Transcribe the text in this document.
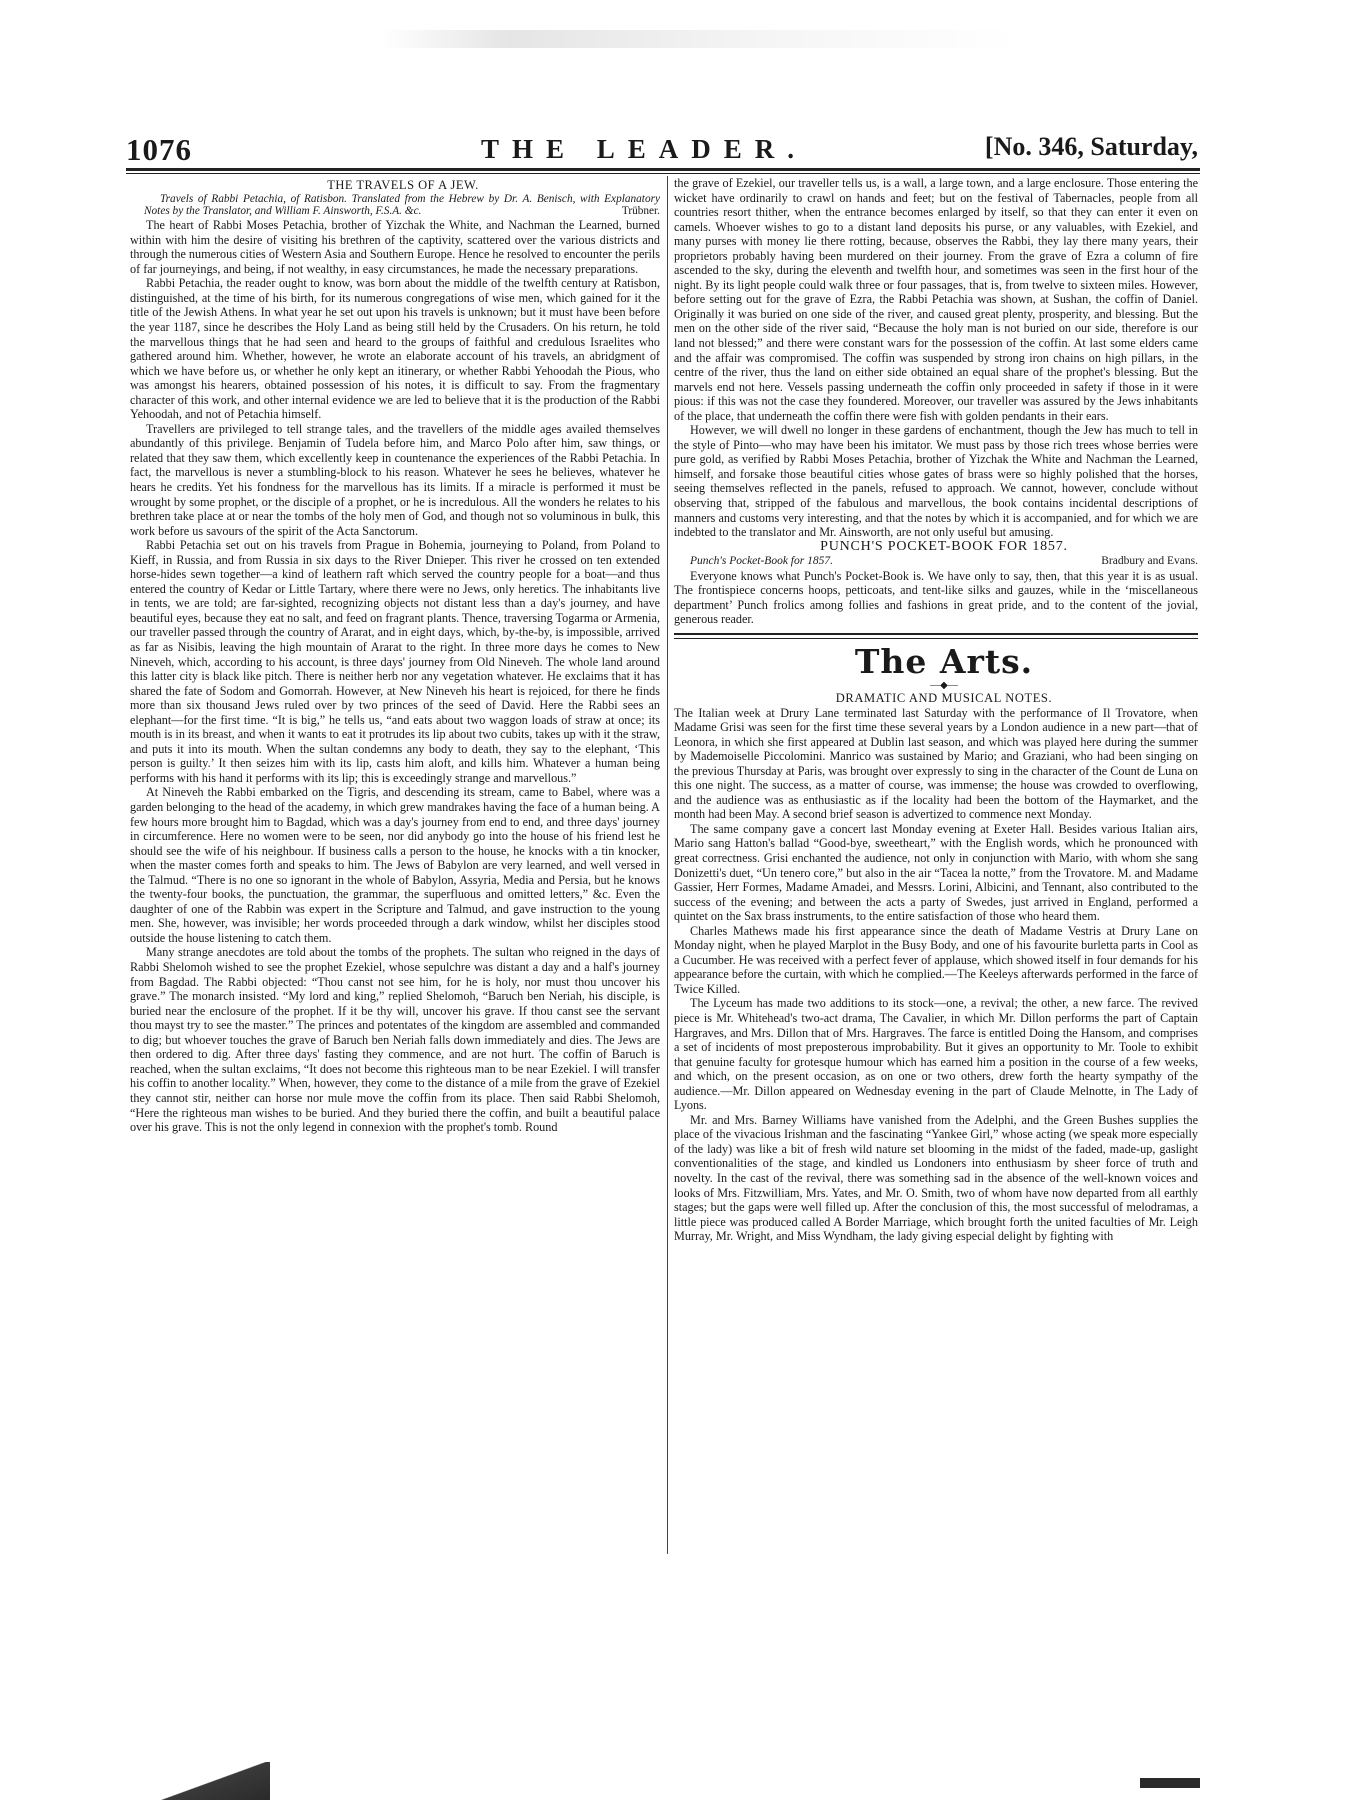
1076	THE LEADER.	[No. 346, Saturday,

THE TRAVELS OF A JEW.

Travels of Rabbi Petachia, of Ratisbon. Translated from the Hebrew by Dr. A. Benisch, with Explanatory Notes by the Translator, and William F. Ainsworth, F.S.A. &c.	Trübner.

The heart of Rabbi Moses Petachia, brother of Yizchak the White, and Nachman the Learned, burned within with him the desire of visiting his brethren of the captivity, scattered over the various districts and through the numerous cities of Western Asia and Southern Europe. Hence he resolved to encounter the perils of far journeyings, and being, if not wealthy, in easy circumstances, he made the necessary preparations.

Rabbi Petachia, the reader ought to know, was born about the middle of the twelfth century at Ratisbon, distinguished, at the time of his birth, for its numerous congregations of wise men, which gained for it the title of the Jewish Athens. In what year he set out upon his travels is unknown; but it must have been before the year 1187, since he describes the Holy Land as being still held by the Crusaders. On his return, he told the marvellous things that he had seen and heard to the groups of faithful and credulous Israelites who gathered around him. Whether, however, he wrote an elaborate account of his travels, an abridgment of which we have before us, or whether he only kept an itinerary, or whether Rabbi Yehoodah the Pious, who was amongst his hearers, obtained possession of his notes, it is difficult to say. From the fragmentary character of this work, and other internal evidence we are led to believe that it is the production of the Rabbi Yehoodah, and not of Petachia himself.

Travellers are privileged to tell strange tales, and the travellers of the middle ages availed themselves abundantly of this privilege. Benjamin of Tudela before him, and Marco Polo after him, saw things, or related that they saw them, which excellently keep in countenance the experiences of the Rabbi Petachia. In fact, the marvellous is never a stumbling-block to his reason. Whatever he sees he believes, whatever he hears he credits. Yet his fondness for the marvellous has its limits. If a miracle is performed it must be wrought by some prophet, or the disciple of a prophet, or he is incredulous. All the wonders he relates to his brethren take place at or near the tombs of the holy men of God, and though not so voluminous in bulk, this work before us savours of the spirit of the Acta Sanctorum.

Rabbi Petachia set out on his travels from Prague in Bohemia, journeying to Poland, from Poland to Kieff, in Russia, and from Russia in six days to the River Dnieper. This river he crossed on ten extended horse-hides sewn together—a kind of leathern raft which served the country people for a boat—and thus entered the country of Kedar or Little Tartary, where there were no Jews, only heretics. The inhabitants live in tents, we are told; are far-sighted, recognizing objects not distant less than a day's journey, and have beautiful eyes, because they eat no salt, and feed on fragrant plants. Thence, traversing Togarma or Armenia, our traveller passed through the country of Ararat, and in eight days, which, by-the-by, is impossible, arrived as far as Nisibis, leaving the high mountain of Ararat to the right. In three more days he comes to New Nineveh, which, according to his account, is three days' journey from Old Nineveh. The whole land around this latter city is black like pitch. There is neither herb nor any vegetation whatever. He exclaims that it has shared the fate of Sodom and Gomorrah. However, at New Nineveh his heart is rejoiced, for there he finds more than six thousand Jews ruled over by two princes of the seed of David. Here the Rabbi sees an elephant—for the first time. “It is big,” he tells us, “and eats about two waggon loads of straw at once; its mouth is in its breast, and when it wants to eat it protrudes its lip about two cubits, takes up with it the straw, and puts it into its mouth. When the sultan condemns any body to death, they say to the elephant, ‘This person is guilty.’ It then seizes him with its lip, casts him aloft, and kills him. Whatever a human being performs with his hand it performs with its lip; this is exceedingly strange and marvellous.”

At Nineveh the Rabbi embarked on the Tigris, and descending its stream, came to Babel, where was a garden belonging to the head of the academy, in which grew mandrakes having the face of a human being. A few hours more brought him to Bagdad, which was a day's journey from end to end, and three days' journey in circumference. Here no women were to be seen, nor did anybody go into the house of his friend lest he should see the wife of his neighbour. If business calls a person to the house, he knocks with a tin knocker, when the master comes forth and speaks to him. The Jews of Babylon are very learned, and well versed in the Talmud. “There is no one so ignorant in the whole of Babylon, Assyria, Media and Persia, but he knows the twenty-four books, the punctuation, the grammar, the superfluous and omitted letters,” &c. Even the daughter of one of the Rabbin was expert in the Scripture and Talmud, and gave instruction to the young men. She, however, was invisible; her words proceeded through a dark window, whilst her disciples stood outside the house listening to catch them.

Many strange anecdotes are told about the tombs of the prophets. The sultan who reigned in the days of Rabbi Shelomoh wished to see the prophet Ezekiel, whose sepulchre was distant a day and a half's journey from Bagdad. The Rabbi objected: “Thou canst not see him, for he is holy, nor must thou uncover his grave.” The monarch insisted. “My lord and king,” replied Shelomoh, “Baruch ben Neriah, his disciple, is buried near the enclosure of the prophet. If it be thy will, uncover his grave. If thou canst see the servant thou mayst try to see the master.” The princes and potentates of the kingdom are assembled and commanded to dig; but whoever touches the grave of Baruch ben Neriah falls down immediately and dies. The Jews are then ordered to dig. After three days' fasting they commence, and are not hurt. The coffin of Baruch is reached, when the sultan exclaims, “It does not become this righteous man to be near Ezekiel. I will transfer his coffin to another locality.” When, however, they come to the distance of a mile from the grave of Ezekiel they cannot stir, neither can horse nor mule move the coffin from its place. Then said Rabbi Shelomoh, “Here the righteous man wishes to be buried. And they buried there the coffin, and built a beautiful palace over his grave. This is not the only legend in connexion with the prophet's tomb. Round

the grave of Ezekiel, our traveller tells us, is a wall, a large town, and a large enclosure. Those entering the wicket have ordinarily to crawl on hands and feet; but on the festival of Tabernacles, people from all countries resort thither, when the entrance becomes enlarged by itself, so that they can enter it even on camels. Whoever wishes to go to a distant land deposits his purse, or any valuables, with Ezekiel, and many purses with money lie there rotting, because, observes the Rabbi, they lay there many years, their proprietors probably having been murdered on their journey. From the grave of Ezra a column of fire ascended to the sky, during the eleventh and twelfth hour, and sometimes was seen in the first hour of the night. By its light people could walk three or four passages, that is, from twelve to sixteen miles. However, before setting out for the grave of Ezra, the Rabbi Petachia was shown, at Sushan, the coffin of Daniel. Originally it was buried on one side of the river, and caused great plenty, prosperity, and blessing. But the men on the other side of the river said, “Because the holy man is not buried on our side, therefore is our land not blessed;” and there were constant wars for the possession of the coffin. At last some elders came and the affair was compromised. The coffin was suspended by strong iron chains on high pillars, in the centre of the river, thus the land on either side obtained an equal share of the prophet's blessing. But the marvels end not here. Vessels passing underneath the coffin only proceeded in safety if those in it were pious: if this was not the case they foundered. Moreover, our traveller was assured by the Jews inhabitants of the place, that underneath the coffin there were fish with golden pendants in their ears.

However, we will dwell no longer in these gardens of enchantment, though the Jew has much to tell in the style of Pinto—who may have been his imitator. We must pass by those rich trees whose berries were pure gold, as verified by Rabbi Moses Petachia, brother of Yizchak the White and Nachman the Learned, himself, and forsake those beautiful cities whose gates of brass were so highly polished that the horses, seeing themselves reflected in the panels, refused to approach. We cannot, however, conclude without observing that, stripped of the fabulous and marvellous, the book contains incidental descriptions of manners and customs very interesting, and that the notes by which it is accompanied, and for which we are indebted to the translator and Mr. Ainsworth, are not only useful but amusing.

PUNCH'S POCKET-BOOK FOR 1857.

Punch's Pocket-Book for 1857.	Bradbury and Evans.

Everyone knows what Punch's Pocket-Book is. We have only to say, then, that this year it is as usual. The frontispiece concerns hoops, petticoats, and tent-like silks and gauzes, while in the ‘miscellaneous department’ Punch frolics among follies and fashions in great pride, and to the content of the jovial, generous reader.

The Arts.

—◆—

DRAMATIC AND MUSICAL NOTES.

The Italian week at Drury Lane terminated last Saturday with the performance of Il Trovatore, when Madame Grisi was seen for the first time these several years by a London audience in a new part—that of Leonora, in which she first appeared at Dublin last season, and which was played here during the summer by Mademoiselle Piccolomini. Manrico was sustained by Mario; and Graziani, who had been singing on the previous Thursday at Paris, was brought over expressly to sing in the character of the Count de Luna on this one night. The success, as a matter of course, was immense; the house was crowded to overflowing, and the audience was as enthusiastic as if the locality had been the bottom of the Haymarket, and the month had been May. A second brief season is advertized to commence next Monday.

The same company gave a concert last Monday evening at Exeter Hall. Besides various Italian airs, Mario sang Hatton's ballad “Good-bye, sweetheart,” with the English words, which he pronounced with great correctness. Grisi enchanted the audience, not only in conjunction with Mario, with whom she sang Donizetti's duet, “Un tenero core,” but also in the air “Tacea la notte,” from the Trovatore. M. and Madame Gassier, Herr Formes, Madame Amadei, and Messrs. Lorini, Albicini, and Tennant, also contributed to the success of the evening; and between the acts a party of Swedes, just arrived in England, performed a quintet on the Sax brass instruments, to the entire satisfaction of those who heard them.

Charles Mathews made his first appearance since the death of Madame Vestris at Drury Lane on Monday night, when he played Marplot in the Busy Body, and one of his favourite burletta parts in Cool as a Cucumber. He was received with a perfect fever of applause, which showed itself in four demands for his appearance before the curtain, with which he complied.—The Keeleys afterwards performed in the farce of Twice Killed.

The Lyceum has made two additions to its stock—one, a revival; the other, a new farce. The revived piece is Mr. Whitehead's two-act drama, The Cavalier, in which Mr. Dillon performs the part of Captain Hargraves, and Mrs. Dillon that of Mrs. Hargraves. The farce is entitled Doing the Hansom, and comprises a set of incidents of most preposterous improbability. But it gives an opportunity to Mr. Toole to exhibit that genuine faculty for grotesque humour which has earned him a position in the course of a few weeks, and which, on the present occasion, as on one or two others, drew forth the hearty sympathy of the audience.—Mr. Dillon appeared on Wednesday evening in the part of Claude Melnotte, in The Lady of Lyons.

Mr. and Mrs. Barney Williams have vanished from the Adelphi, and the Green Bushes supplies the place of the vivacious Irishman and the fascinating “Yankee Girl,” whose acting (we speak more especially of the lady) was like a bit of fresh wild nature set blooming in the midst of the faded, made-up, gaslight conventionalities of the stage, and kindled us Londoners into enthusiasm by sheer force of truth and novelty. In the cast of the revival, there was something sad in the absence of the well-known voices and looks of Mrs. Fitzwilliam, Mrs. Yates, and Mr. O. Smith, two of whom have now departed from all earthly stages; but the gaps were well filled up. After the conclusion of this, the most successful of melodramas, a little piece was produced called A Border Marriage, which brought forth the united faculties of Mr. Leigh Murray, Mr. Wright, and Miss Wyndham, the lady giving especial delight by fighting with
